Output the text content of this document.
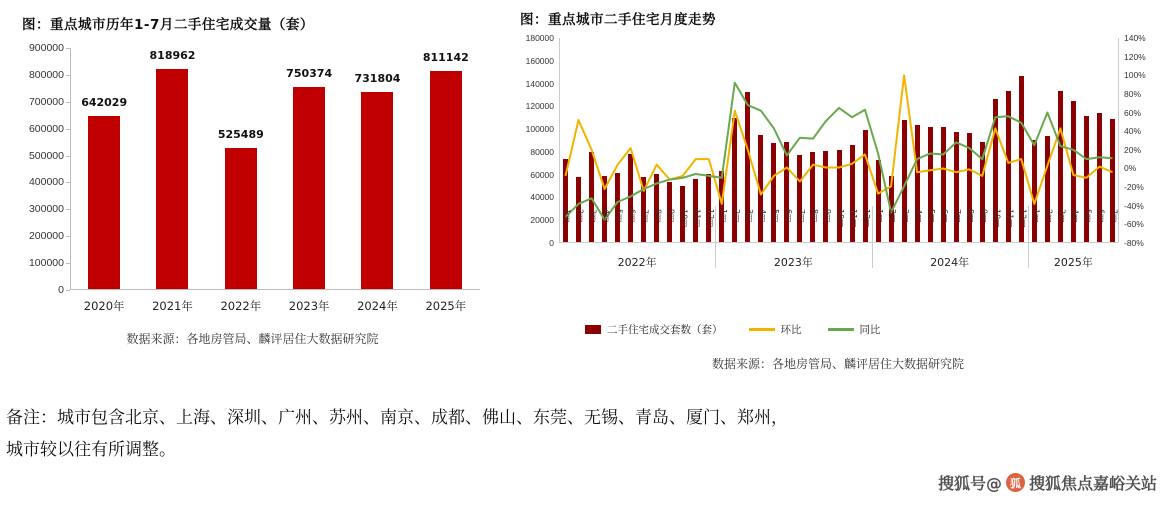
图：重点城市历年1-7月二手住宅成交量（套）
0
100000
200000
300000
400000
500000
600000
700000
800000
900000
642029
818962
525489
750374	731804
811142
2020年	2021年	2022年	2023年	2024年	2025年
数据来源：各地房管局、麟评居住大数据研究院
图：重点城市二手住宅月度走势
0
20000
40000
60000
80000
100000
120000
140000
160000
180000
-80%
-60%
-40%
-20%
0%
20%
40%
60%
80%
100%
120%
140%
1月 2月 3月 4月 5月 6月 7月 8月 9月 10月 11月 12月 1月 2月 3月 4月 5月 6月 7月 8月 9月 10月 11月 12月 1月 2月 3月 4月 5月 6月 7月 8月 9月 10月 11月 12月 1月 2月 3月 4月 5月 6月 7月
2022年	2023年	2024年	2025年
二手住宅成交套数（套）	环比	同比
数据来源：各地房管局、麟评居住大数据研究院
备注：城市包含北京、上海、深圳、广州、苏州、南京、成都、佛山、东莞、无锡、青岛、厦门、郑州，
城市较以往有所调整。
搜狐号@ 狐 搜狐焦点嘉峪关站
